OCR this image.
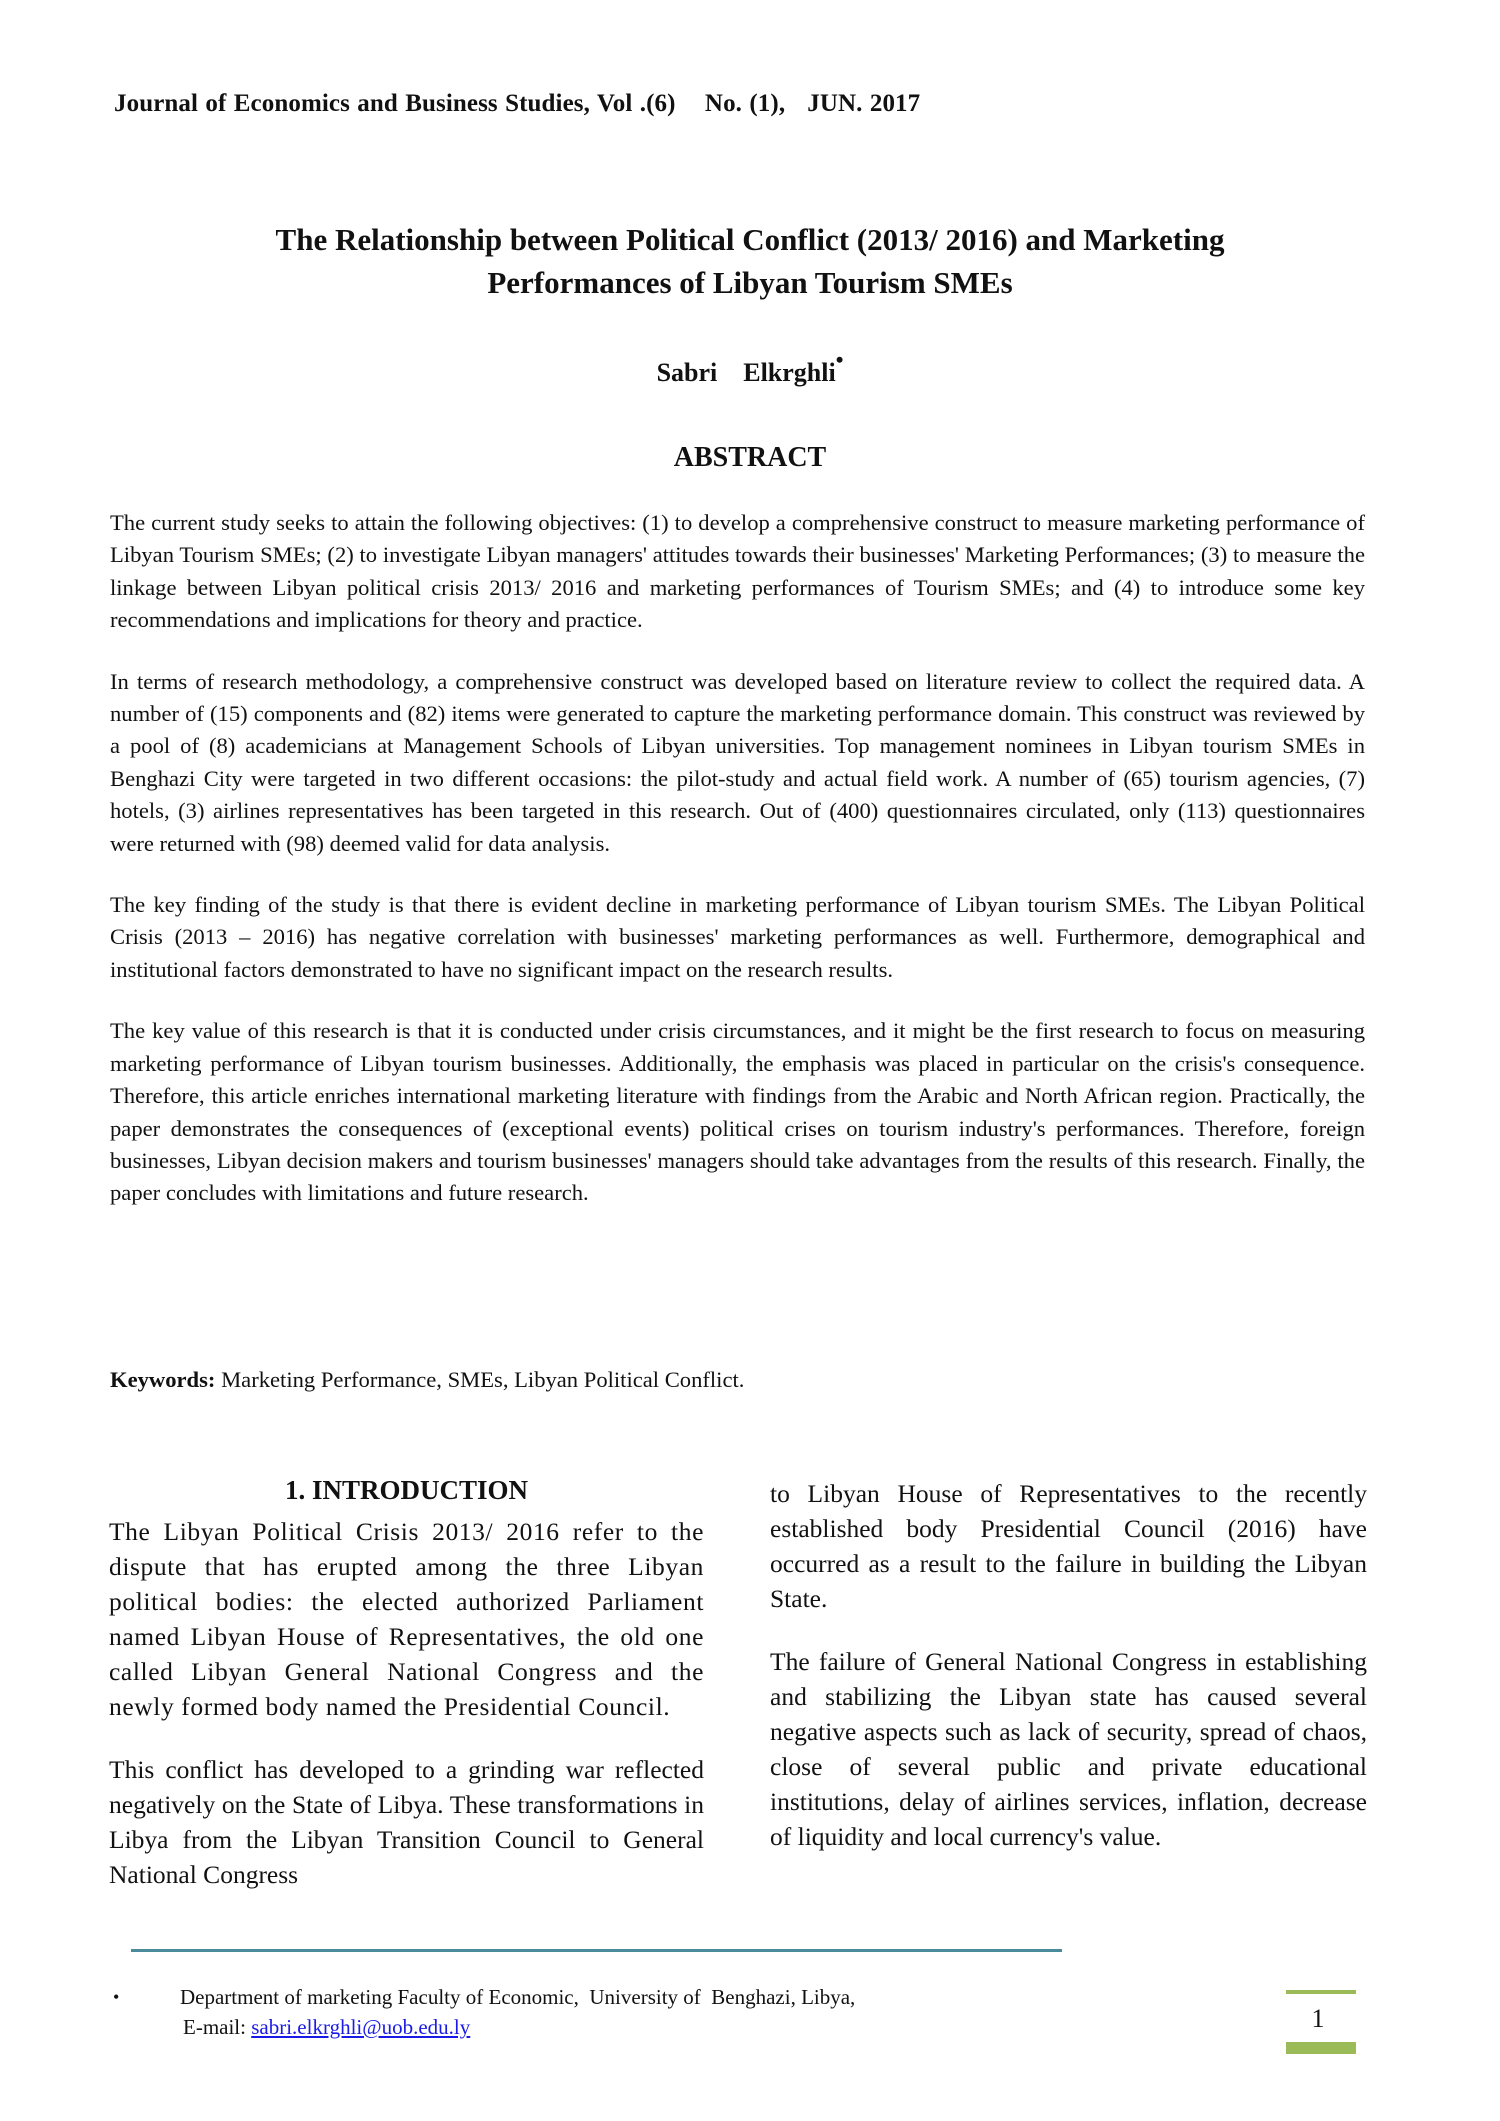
Journal of Economics and Business Studies, Vol .(6)    No. (1),   JUN. 2017
The Relationship between Political Conflict (2013/ 2016) and Marketing
Performances of Libyan Tourism SMEs
Sabri    Elkrghli•
ABSTRACT

The current study seeks to attain the following objectives: (1) to develop a comprehensive construct to measure marketing performance of Libyan Tourism SMEs; (2) to investigate Libyan managers' attitudes towards their businesses' Marketing Performances; (3) to measure the linkage between Libyan political crisis 2013/ 2016 and marketing performances of Tourism SMEs; and (4) to introduce some key recommendations and implications for theory and practice.

In terms of research methodology, a comprehensive construct was developed based on literature review to collect the required data. A number of (15) components and (82) items were generated to capture the marketing performance domain. This construct was reviewed by a pool of (8) academicians at Management Schools of Libyan universities. Top management nominees in Libyan tourism SMEs in Benghazi City were targeted in two different occasions: the pilot-study and actual field work. A number of (65) tourism agencies, (7) hotels, (3) airlines representatives has been targeted in this research. Out of (400) questionnaires circulated, only (113) questionnaires were returned with (98) deemed valid for data analysis.

The key finding of the study is that there is evident decline in marketing performance of Libyan tourism SMEs. The Libyan Political Crisis (2013 – 2016) has negative correlation with businesses' marketing performances as well. Furthermore, demographical and institutional factors demonstrated to have no significant impact on the research results.

The key value of this research is that it is conducted under crisis circumstances, and it might be the first research to focus on measuring marketing performance of Libyan tourism businesses. Additionally, the emphasis was placed in particular on the crisis's consequence. Therefore, this article enriches international marketing literature with findings from the Arabic and North African region. Practically, the paper demonstrates the consequences of (exceptional events) political crises on tourism industry's performances. Therefore, foreign businesses, Libyan decision makers and tourism businesses' managers should take advantages from the results of this research. Finally, the paper concludes with limitations and future research.

Keywords: Marketing Performance, SMEs, Libyan Political Conflict.
1. INTRODUCTION

The Libyan Political Crisis 2013/ 2016 refer to the dispute that has erupted among the three Libyan political bodies: the elected authorized Parliament named Libyan House of Representatives, the old one called Libyan General National Congress and the newly formed body named the Presidential Council.

This conflict has developed to a grinding war reflected negatively on the State of Libya. These transformations in Libya from the Libyan Transition Council to General National Congress

to Libyan House of Representatives to the recently established body Presidential Council (2016) have occurred as a result to the failure in building the Libyan State.

The failure of General National Congress in establishing and stabilizing the Libyan state has caused several negative aspects such as lack of security, spread of chaos, close of several public and private educational institutions, delay of airlines services, inflation, decrease of liquidity and local currency's value.

•	Department of marketing Faculty of Economic,  University of  Benghazi, Libya,
E-mail: sabri.elkrghli@uob.edu.ly	1
